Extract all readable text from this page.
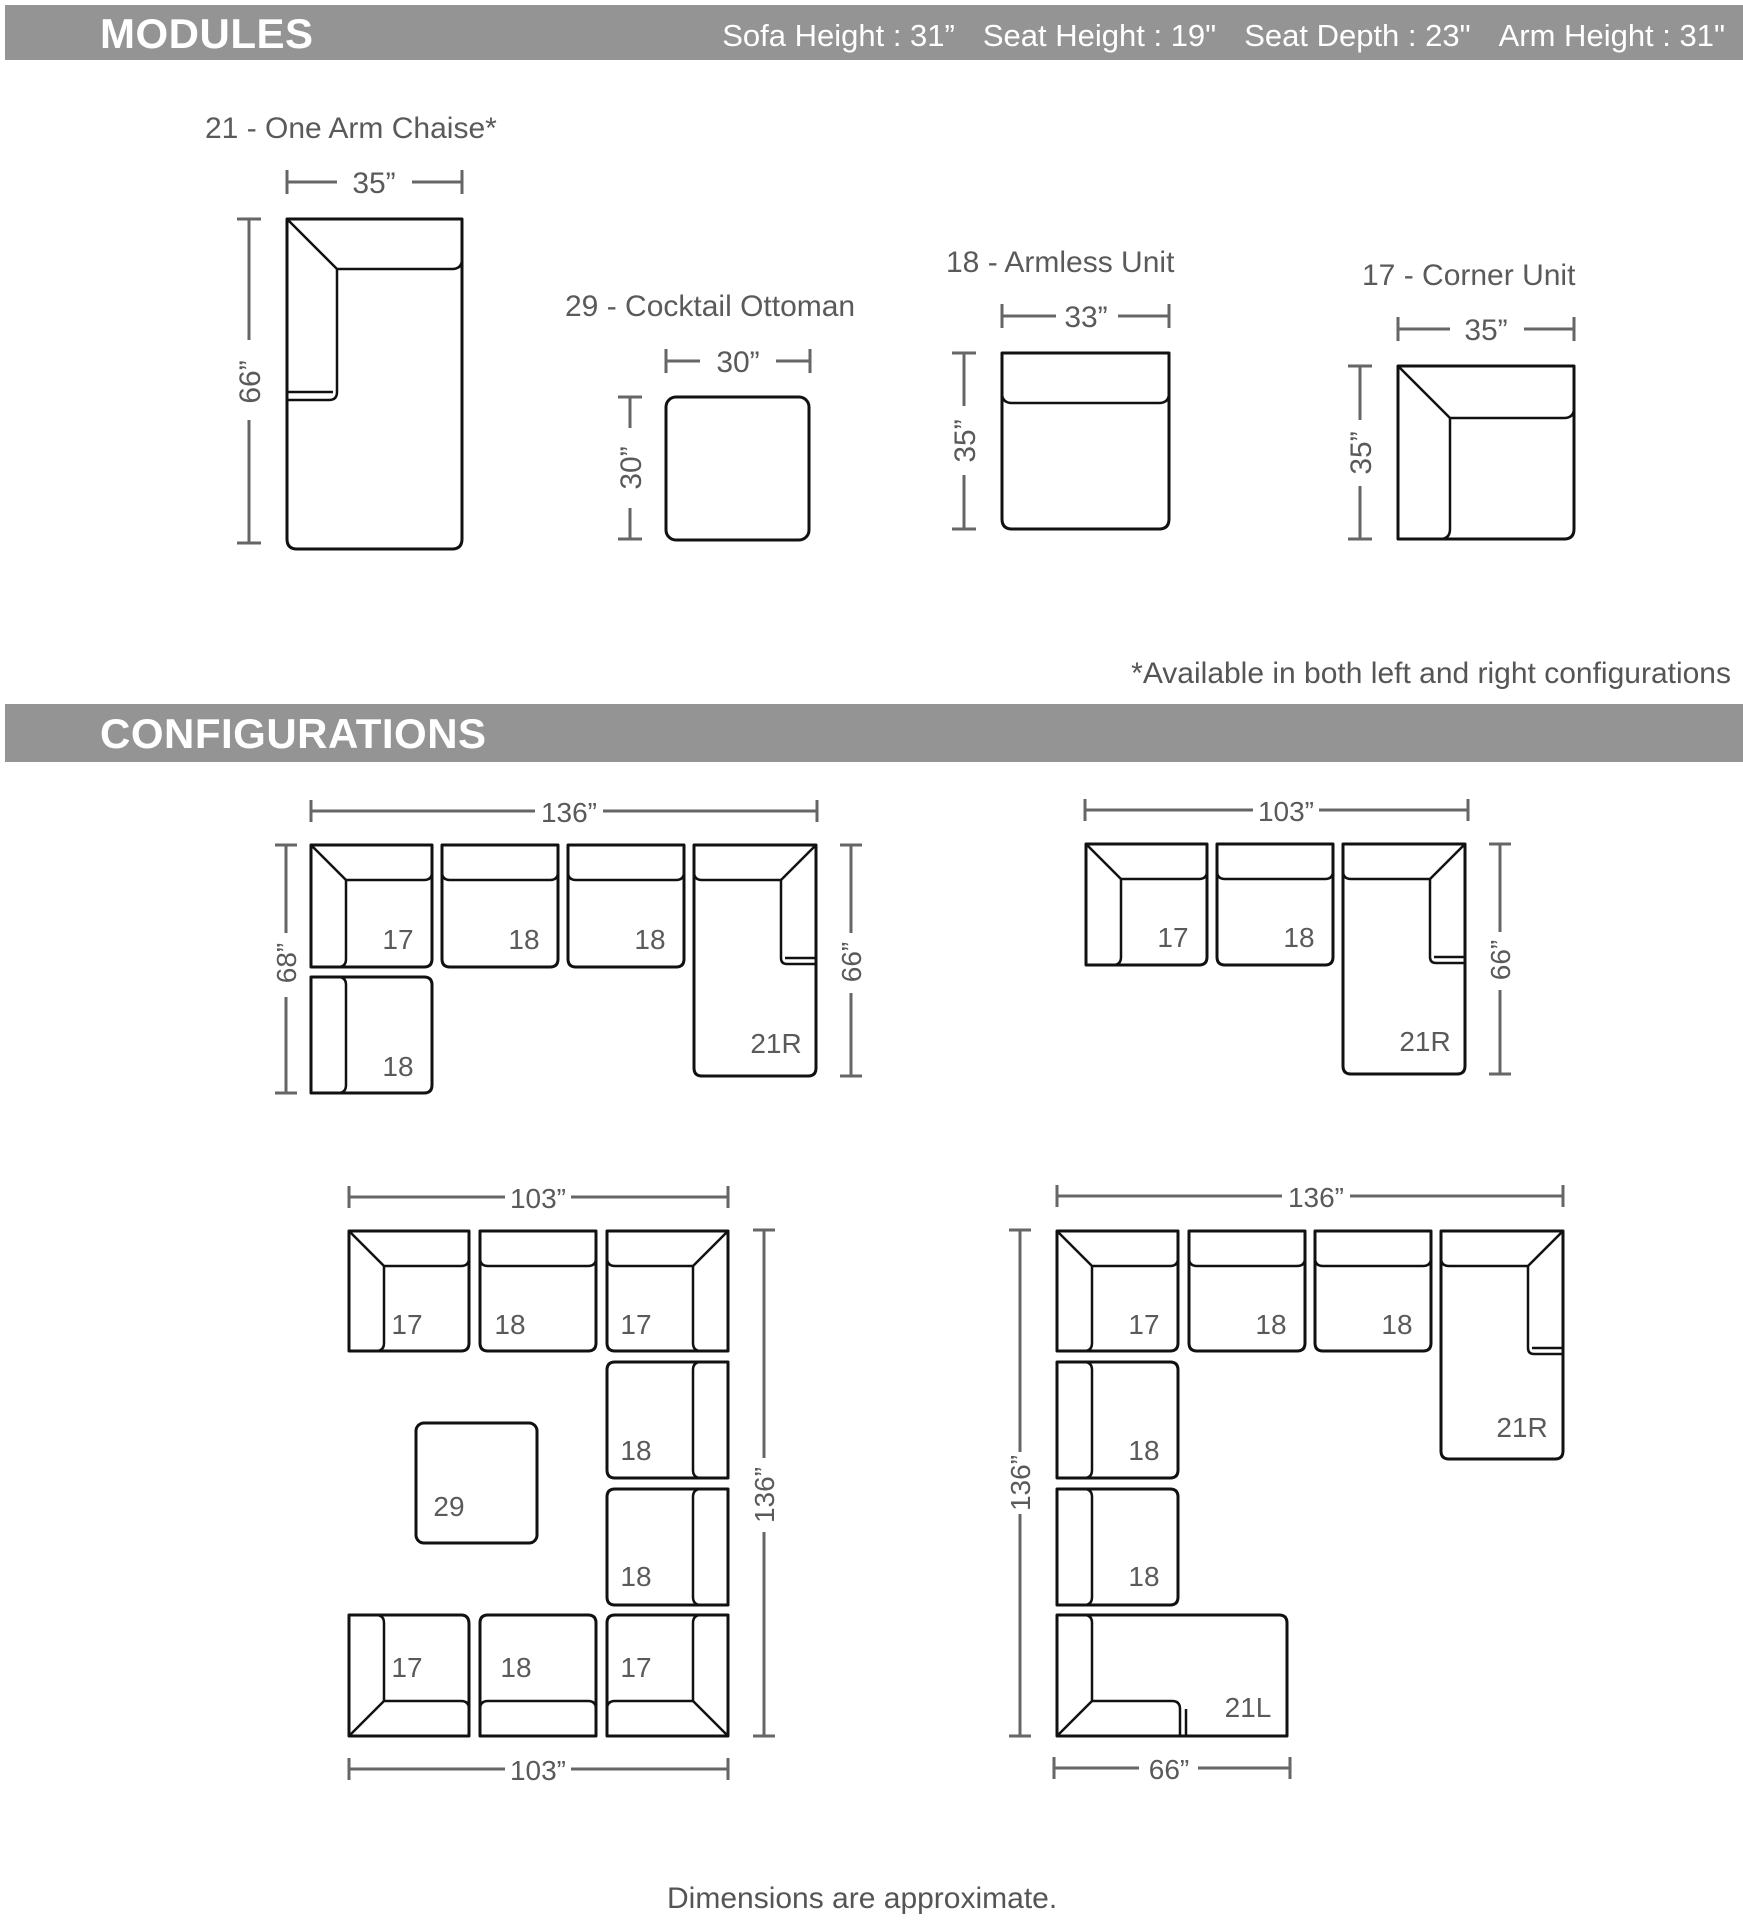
MODULES	Sofa Height : 31” Seat Height : 19" Seat Depth : 23" Arm Height : 31"
CONFIGURATIONS
*Available in both left and right configurations
Dimensions are approximate.
21 - One Arm Chaise*
35”
66”
29 - Cocktail Ottoman
30”
30”
18 - Armless Unit
33”
35”
17 - Corner Unit
35”
35”
136”
68”	66”
17	18	18
21R
18
103”
66”
17	18
21R
103”
103”
136”
17	18	17
18
18
29
17	18	17
136”
66”
136”
17	18	18
21R
18
18
21L
